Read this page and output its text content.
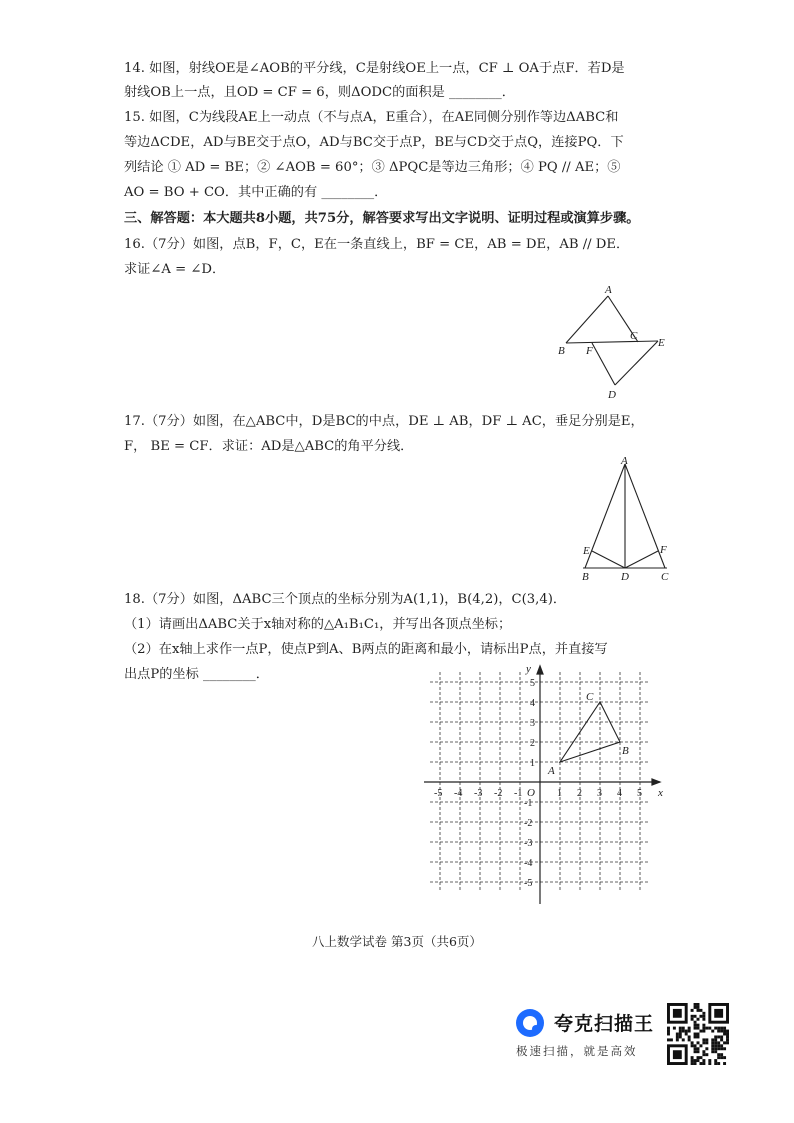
14. 如图，射线OE是∠AOB的平分线，C是射线OE上一点，CF ⊥ OA于点F．若D是
射线OB上一点，且OD = CF = 6，则ΔODC的面积是 ________．
15. 如图，C为线段AE上一动点（不与点A，E重合），在AE同侧分别作等边ΔABC和
等边ΔCDE，AD与BE交于点O，AD与BC交于点P，BE与CD交于点Q，连接PQ．下
列结论 ① AD = BE；② ∠AOB = 60°；③ ΔPQC是等边三角形；④ PQ // AE；⑤
AO = BO + CO．其中正确的有 ________．
三、解答题：本大题共8小题，共75分，解答要求写出文字说明、证明过程或演算步骤。
16.（7分）如图，点B，F，C，E在一条直线上，BF = CE，AB = DE，AB // DE．
求证∠A = ∠D．
A
B
C
F
E
D
17.（7分）如图，在△ABC中，D是BC的中点，DE ⊥ AB，DF ⊥ AC，垂足分别是E，
F， BE = CF．求证：AD是△ABC的角平分线．
A
E	F
B	D	C
18.（7分）如图，ΔABC三个顶点的坐标分别为A(1,1)，B(4,2)，C(3,4)．
（1）请画出ΔABC关于x轴对称的△A₁B₁C₁，并写出各顶点坐标；
（2）在x轴上求作一点P，使点P到A、B两点的距离和最小，请标出P点，并直接写
出点P的坐标 ________．
x
y
O
-5 -4 -3 -2 -1	1 2 3 4 5
5
4
3
2
1
-1
-2
-3
-4
-5
A
B
C
八上数学试卷 第3页（共6页）
夸克扫描王
极速扫描，就是高效
